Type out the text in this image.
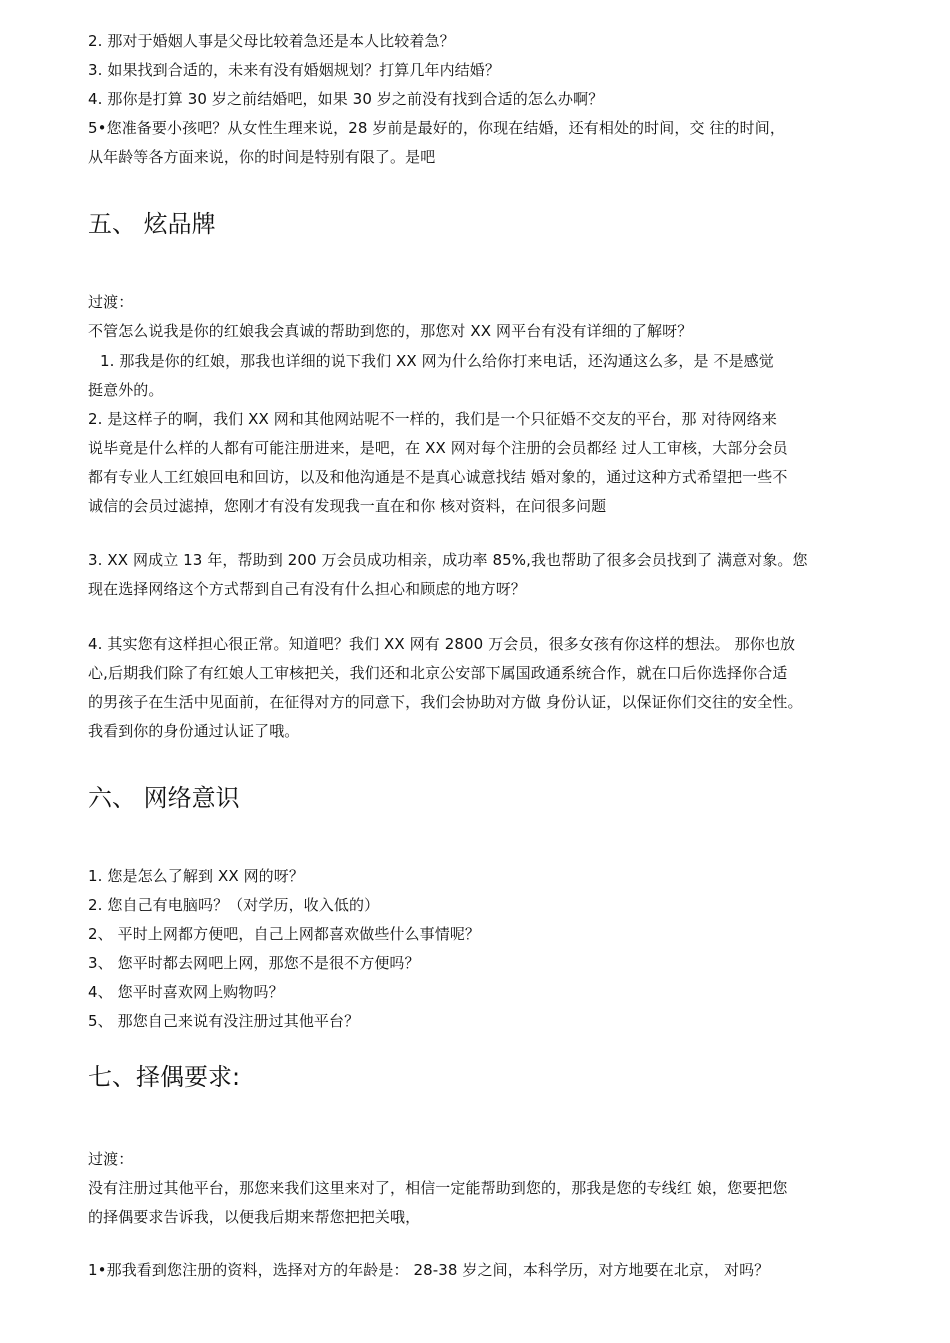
2. 那对于婚姻人事是父母比较着急还是本人比较着急？
3. 如果找到合适的，未来有没有婚姻规划？打算几年内结婚？
4. 那你是打算 30 岁之前结婚吧，如果 30 岁之前没有找到合适的怎么办啊？
5•您准备要小孩吧？从女性生理来说，28 岁前是最好的，你现在结婚，还有相处的时间，交 往的时间，
从年龄等各方面来说，你的时间是特别有限了。是吧
五、 炫品牌
过渡：
不管怎么说我是你的红娘我会真诚的帮助到您的，那您对 XX 网平台有没有详细的了解呀？
1. 那我是你的红娘，那我也详细的说下我们 XX 网为什么给你打来电话，还沟通这么多，是 不是感觉
挺意外的。
2. 是这样子的啊，我们 XX 网和其他网站呢不一样的，我们是一个只征婚不交友的平台，那 对待网络来
说毕竟是什么样的人都有可能注册进来，是吧，在 XX 网对每个注册的会员都经 过人工审核，大部分会员
都有专业人工红娘回电和回访，以及和他沟通是不是真心诚意找结 婚对象的，通过这种方式希望把一些不
诚信的会员过滤掉，您刚才有没有发现我一直在和你 核对资料，在问很多问题
3. XX 网成立 13 年，帮助到 200 万会员成功相亲，成功率 85%,我也帮助了很多会员找到了 满意对象。您
现在选择网络这个方式帮到自己有没有什么担心和顾虑的地方呀？
4. 其实您有这样担心很正常。知道吧？我们 XX 网有 2800 万会员，很多女孩有你这样的想法。 那你也放
心,后期我们除了有红娘人工审核把关，我们还和北京公安部下属国政通系统合作，就在口后你选择你合适
的男孩子在生活中见面前，在征得对方的同意下，我们会协助对方做 身份认证，以保证你们交往的安全性。
我看到你的身份通过认证了哦。
六、 网络意识
1. 您是怎么了解到 XX 网的呀？
2. 您自己有电脑吗？（对学历，收入低的）
2、 平时上网都方便吧，自己上网都喜欢做些什么事情呢？
3、 您平时都去网吧上网，那您不是很不方便吗？
4、 您平时喜欢网上购物吗？
5、 那您自己来说有没注册过其他平台？
七、择偶要求:
过渡：
没有注册过其他平台，那您来我们这里来对了，相信一定能帮助到您的，那我是您的专线红 娘，您要把您
的择偶要求告诉我，以便我后期来帮您把把关哦，
1•那我看到您注册的资料，选择对方的年龄是： 28-38 岁之间，本科学历，对方地要在北京， 对吗？
